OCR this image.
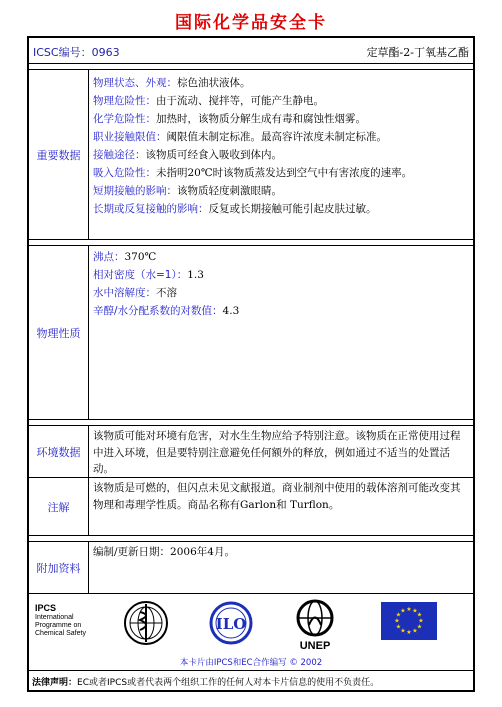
国际化学品安全卡
ICSC编号：0963	定草酯-2-丁氧基乙酯
重要数据
物理状态、外观：棕色油状液体。
物理危险性：由于流动、搅拌等，可能产生静电。
化学危险性：加热时，该物质分解生成有毒和腐蚀性烟雾。
职业接触限值：阈限值未制定标准。最高容许浓度未制定标准。
接触途径：该物质可经食入吸收到体内。
吸入危险性：未指明20℃时该物质蒸发达到空气中有害浓度的速率。
短期接触的影响：该物质轻度刺激眼睛。
长期或反复接触的影响：反复或长期接触可能引起皮肤过敏。
物理性质
沸点：370℃
相对密度（水=1）：1.3
水中溶解度：不溶
辛醇/水分配系数的对数值：4.3
环境数据
该物质可能对环境有危害，对水生生物应给予特别注意。该物质在正常使用过程中进入环境，但是要特别注意避免任何额外的释放，例如通过不适当的处置活动。
注解
该物质是可燃的，但闪点未见文献报道。商业制剂中使用的载体溶剂可能改变其物理和毒理学性质。商品名称有Garlon和 Turflon。
附加资料
编制/更新日期：2006年4月。
IPCS
International
Programme on
Chemical Safety
ILO
UNEP
★ ★
★
★
★
★
★
★
★
★
★
★
本卡片由IPCS和EC合作编写 © 2002
法律声明：EC或者IPCS或者代表两个组织工作的任何人对本卡片信息的使用不负责任。
